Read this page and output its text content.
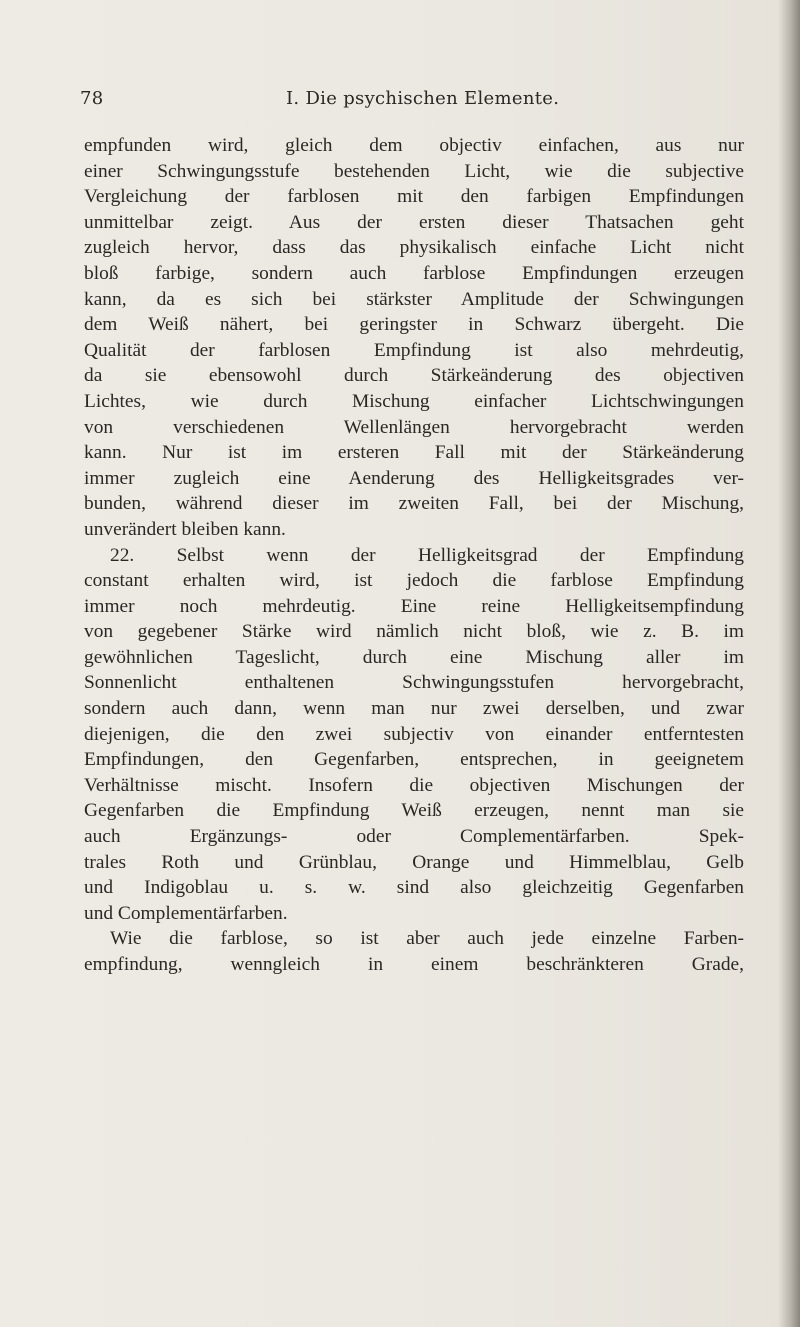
78	I. Die psychischen Elemente.
empfunden wird, gleich dem objectiv einfachen, aus nur
einer Schwingungsstufe bestehenden Licht, wie die subjective
Vergleichung der farblosen mit den farbigen Empfindungen
unmittelbar zeigt. Aus der ersten dieser Thatsachen geht
zugleich hervor, dass das physikalisch einfache Licht nicht
bloß farbige, sondern auch farblose Empfindungen erzeugen
kann, da es sich bei stärkster Amplitude der Schwingungen
dem Weiß nähert, bei geringster in Schwarz übergeht. Die
Qualität der farblosen Empfindung ist also mehrdeutig,
da sie ebensowohl durch Stärkeänderung des objectiven
Lichtes, wie durch Mischung einfacher Lichtschwingungen
von verschiedenen Wellenlängen hervorgebracht werden
kann. Nur ist im ersteren Fall mit der Stärkeänderung
immer zugleich eine Aenderung des Helligkeitsgrades ver-
bunden, während dieser im zweiten Fall, bei der Mischung,
unverändert bleiben kann.
22. Selbst wenn der Helligkeitsgrad der Empfindung
constant erhalten wird, ist jedoch die farblose Empfindung
immer noch mehrdeutig. Eine reine Helligkeitsempfindung
von gegebener Stärke wird nämlich nicht bloß, wie z. B. im
gewöhnlichen Tageslicht, durch eine Mischung aller im
Sonnenlicht enthaltenen Schwingungsstufen hervorgebracht,
sondern auch dann, wenn man nur zwei derselben, und zwar
diejenigen, die den zwei subjectiv von einander entferntesten
Empfindungen, den Gegenfarben, entsprechen, in geeignetem
Verhältnisse mischt. Insofern die objectiven Mischungen der
Gegenfarben die Empfindung Weiß erzeugen, nennt man sie
auch Ergänzungs- oder Complementärfarben. Spek-
trales Roth und Grünblau, Orange und Himmelblau, Gelb
und Indigoblau u. s. w. sind also gleichzeitig Gegenfarben
und Complementärfarben.
Wie die farblose, so ist aber auch jede einzelne Farben-
empfindung, wenngleich in einem beschränkteren Grade,
